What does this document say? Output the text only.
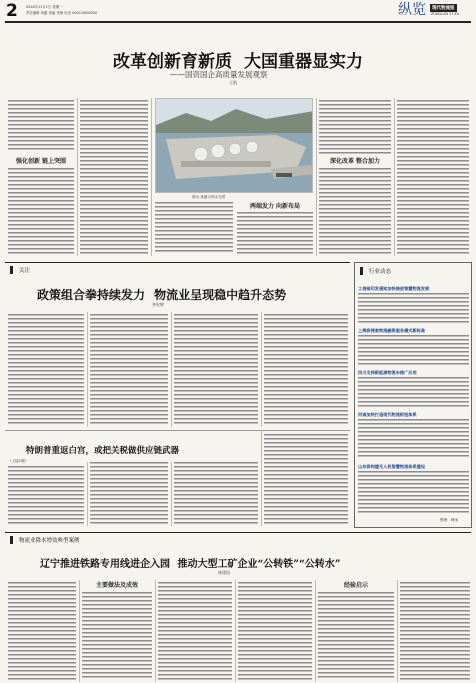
2 2024年11月1日 星期一
责任编辑 刘蕴 美编 李静 电话 0000-0000000	纵览	现代物流报
ZONGLAN 17-XX
改革创新育新质 大国重器显实力
——国资国企高质量发展观察
王凯
强化创新 链上突围
图为 某港口码头全景
两端发力 向新布局
深化改革 整合加力
关注
政策组合拳持续发力 物流业呈现稳中趋升态势
齐宏婷
特朗普重返白宫，或把关税做供应链武器
（上接1版）
行业动态
工信部印发通知加快推进智慧物流发展
上海将探索物流融资服务模式新标准
四川支持新能源物流车推广应用
河南加快打造现代物流枢纽体系
山东将构建无人机智慧物流体系建设
整理：韩雨
物流业降本增效典型案例
辽宁推进铁路专用线进企入园 推动大型工矿企业“公转铁”“公转水”
崔建国
主要做法及成效	经验启示
